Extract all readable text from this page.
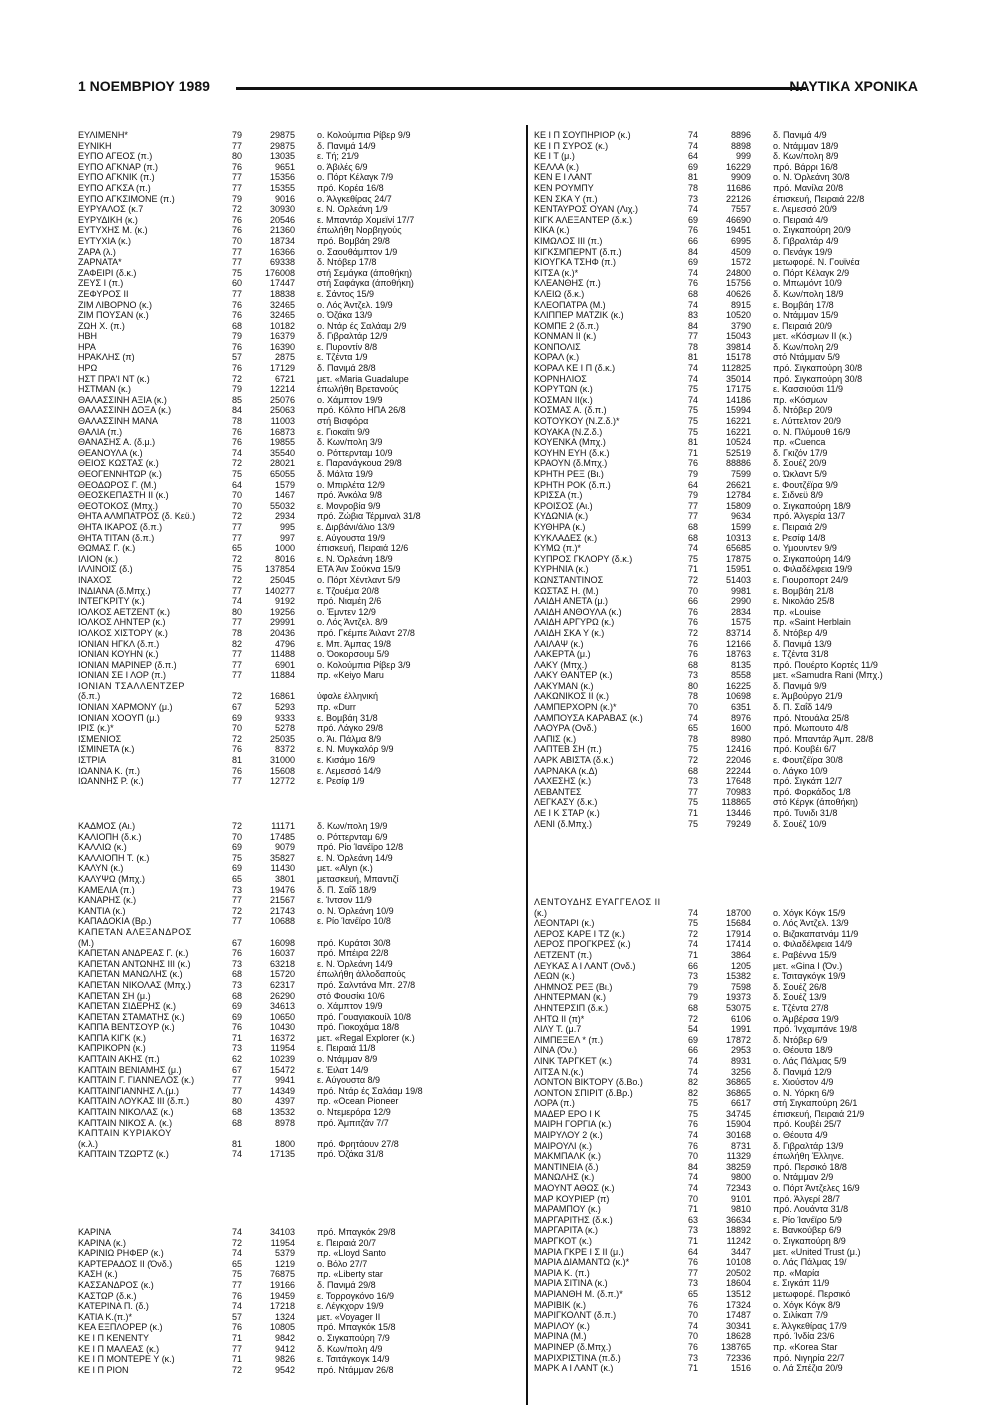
1 ΝΟΕΜΒΡΙΟΥ 1989	ΝΑΥΤΙΚΑ ΧΡΟΝΙΚΑ
ΕΥΛΙΜΕΝΗ*	79	29875	ο. Κολούμπια Ρίβερ 9/9
ΕΥΝΙΚΗ	77	29875	δ. Πανιμά 14/9
ΕΥΠΟ ΑΓΕΟΣ (π.)	80	13035	ε. Τή; 21/9
ΕΥΠΟ ΑΓΚΝΑΡ (π.)	76	9651	ο. Άβιλές 6/9
ΕΥΠΟ ΑΓΚΝΙΚ (π.)	77	15356	ο. Πόρτ Κέλαγκ 7/9
ΕΥΠΟ ΑΓΚΣΑ (π.)	77	15355	πρό. Κορέα 16/8
ΕΥΠΟ ΑΓΚΣΙΜΟΝΕ (π.)	79	9016	ο. Άλγκεθίρας 24/7
ΕΥΡΥΑΛΟΣ (κ.7	72	30930	ε. Ν. Ορλεάνη 1/9
ΕΥΡΥΔΙΚΗ (κ.)	76	20546	ε. Μπαντάρ Χομεϊνί 17/7
ΕΥΤΥΧΗΣ Μ. (κ.)	76	21360	έπωλήθη Νορβηγούς
ΕΥΤΥΧΙΑ (κ.)	70	18734	πρό. Βομβάη 29/8
ΖΑΡΑ (λ.)	77	16366	ο. Σαουθάμπτον 1/9
ΖΑΡΝΑΤΑ*	77	69338	δ. Ντόβερ 17/8
ΖΑΦΕΙΡΙ (δ.κ.)	75	176008	στή Σεμάγκα (άποθήκη)
ΖΕΥΣ Ι (π.)	60	17447	στή Σαφάγκα (άποθήκη)
ΖΕΦΥΡΟΣ ΙΙ	77	18838	ε. Σάντος 15/9
ΖΙΜ ΛΙΒΟΡΝΟ (κ.)	76	32465	ο. Λός Άντζελ. 19/9
ΖΙΜ ΠΟΥΣΑΝ (κ.)	76	32465	ο. Όζάκα 13/9
ΖΩΗ Χ. (π.)	68	10182	ο. Ντάρ ές Σαλάαμ 2/9
ΗΒΗ	79	16379	δ. Γιβραλτάρ 12/9
ΗΡΑ	76	16390	ε. Πυροντίν 8/8
ΗΡΑΚΛΗΣ (π)	57	2875	ε. Τζέντα 1/9
ΗΡΩ	76	17129	δ. Πανιμά 28/8
ΗΣΤ ΠΡΑ'Ι ΝΤ (κ.)	72	6721	μετ. «Maria Guadalupe
ΗΣΤΜΑΝ (κ.)	79	12214	έπωλήθη Βρετανούς
ΘΑΛΑΣΣΙΝΗ ΑΞΙΑ (κ.)	85	25076	ο. Χάμπτον 19/9
ΘΑΛΑΣΣΙΝΗ ΔΟΞΑ (κ.)	84	25063	πρό. Κόλπο ΗΠΑ 26/8
ΘΑΛΑΣΣΙΝΗ ΜΑΝΑ	78	11003	στή Βισφόρα
ΘΑΛΙΑ (π.)	76	16873	ε. Γιοκαϊτι 9/9
ΘΑΝΑΣΗΣ Α. (δ.μ.)	76	19855	δ. Κων/πολη 3/9
ΘΕΑΝΟΥΛΑ (κ.)	74	35540	ο. Ρόττερνταμ 10/9
ΘΕΙΟΣ ΚΩΣΤΑΣ (κ.)	72	28021	ε. Παρανάγκουα 29/8
ΘΕΟΓΕΝΝΗΤΩΡ (κ.)	75	65055	δ. Μάλτα 19/9
ΘΕΟΔΩΡΟΣ Γ. (Μ.)	64	1579	ο. Μπιρλέτα 12/9
ΘΕΟΣΚΕΠΑΣΤΗ ΙΙ (κ.)	70	1467	πρό. Άνκόλα 9/8
ΘΕΟΤΟΚΟΣ (Μπχ.)	70	55032	ε. Μονροβία 9/9
ΘΗΤΑ ΑΛΜΠΑΤΡΟΣ (δ. Κεϋ.)	72	2934	πρό. Ζώβια Τέρμιναλ 31/8
ΘΗΤΑ ΙΚΑΡΟΣ (δ.π.)	77	995	ε. Διρβάνι/άλιο 13/9
ΘΗΤΑ ΤΙΤΑΝ (δ.π.)	77	997	ε. Αύγουστα 19/9
ΘΩΜΑΣ Γ. (κ.)	65	1000	έπισκευή, Πειραιά 12/6
ΙΛΙΟΝ (κ.)	72	8016	ε. Ν. Όρλεάνη 18/9
ΙΛΛΙΝΟΙΣ (δ.)	75	137854	ETA Άιν Σούκνα 15/9
ΙΝΑΧΟΣ	72	25045	ο. Πόρτ Χέντλαντ 5/9
ΙΝΔΙΑΝΑ (δ.Μπχ.)	77	140277	ε. Τζουέμα 20/8
ΙΝΤΕΓΚΡΙΤΥ (κ.)	74	9192	πρό. Νιαμέη 2/6
ΙΟΛΚΟΣ ΑΕΤΖΕΝΤ (κ.)	80	19256	ο. Έμντεν 12/9
ΙΟΛΚΟΣ ΛΗΝΤΕΡ (κ.)	77	29991	ο. Λός Άντζελ. 8/9
ΙΟΛΚΟΣ ΧΙΣΤΟΡΥ (κ.)	78	20436	πρό. Γκέμπε Άιλαντ 27/8
ΙΟΝΙΑΝ ΗΓΚΛ (δ.π.)	82	4796	ε. Μπ. Άμπας 19/8
ΙΟΝΙΑΝ ΚΟΥΗΝ (κ.)	77	11488	ο. Όοκορσουμ 5/9
ΙΟΝΙΑΝ ΜΑΡΙΝΕΡ (δ.π.)	77	6901	ο. Κολούμπια Ρίβερ 3/9
ΙΟΝΙΑΝ ΣΕ Ι ΛΟΡ (π.)	77	11884	πρ. «Keiyo Maru
ΙΟΝΙΑΝ ΤΣΑΛΛΕΝΤΖΕΡ
(δ.π.)	72	16861	ύφαλε έλληνική
ΙΟΝΙΑΝ ΧΑΡΜΟΝΥ (μ.)	67	5293	πρ. «Durr
ΙΟΝΙΑΝ ΧΟΟΥΠ (μ.)	69	9333	ε. Βομβάη 31/8
ΙΡΙΣ (κ.)*	70	5278	πρό. Λάγκο 29/8
ΙΣΜΕΝΙΟΣ	72	25035	ο. Άι. Πάλμα 8/9
ΙΣΜΙΝΕΤΑ (κ.)	76	8372	ε. Ν. Μυγκαλόρ 9/9
ΙΣΤΡΙΑ	81	31000	ε. Κισάμο 16/9
ΙΩΑΝΝΑ Κ. (π.)	76	15608	ε. Λεμεσσό 14/9
ΙΩΑΝΝΗΣ Ρ. (κ.)	77	12772	ε. Ρεσίφ 1/9
ΚΑΔΜΟΣ (Αι.)	72	11171	δ. Κων/πολη 19/9
ΚΑΛΙΟΠΗ (δ.κ.)	70	17485	ο. Ρόττερνταμ 6/9
ΚΑΛΛΙΩ (κ.)	69	9079	πρό. Ρίο Ίανέϊρο 12/8
ΚΑΛΛΙΟΠΗ Τ. (κ.)	75	35827	ε. Ν. Όρλεάνη 14/9
ΚΑΛΥΝ (κ.)	69	11430	μετ. «Alyn (κ.)
ΚΑΛΥΨΩ (Μπχ.)	65	3801	μετασκευή, Μπαντιζί
ΚΑΜΕΛΙΑ (π.)	73	19476	δ. Π. Σαΐδ 18/9
ΚΑΝΑΡΗΣ (κ.)	77	21567	ε. Ίντσον 11/9
ΚΑΝΤΙΑ (κ.)	72	21743	ο. Ν. Όρλεάνη 10/9
ΚΑΠΑΔΟΚΙΑ (Βρ.)	77	10688	ε. Ρίο Ίανέϊρο 10/8
ΚΑΠΕΤΑΝ ΑΛΕΞΑΝΔΡΟΣ
(Μ.)	67	16098	πρό. Κυράτσι 30/8
ΚΑΠΕΤΑΝ ΑΝΔΡΕΑΣ Γ. (κ.)	76	16037	πρό. Μπέιρα 22/8
ΚΑΠΕΤΑΝ ΑΝΤΩΝΗΣ ΙΙΙ (κ.)	73	63218	ε. Ν. Όρλεάνη 14/9
ΚΑΠΕΤΑΝ ΜΑΝΩΛΗΣ (κ.)	68	15720	έπωλήθη άλλοδαπούς
ΚΑΠΕΤΑΝ ΝΙΚΟΛΑΣ (Μπχ.)	73	62317	πρό. Σαλντάνα Μπ. 27/8
ΚΑΠΕΤΑΝ ΣΗ (μ.)	68	26290	στό Φουσίκι 10/6
ΚΑΠΕΤΑΝ ΣΙΔΕΡΗΣ (κ.)	69	34613	ο. Χάμπτον 19/9
ΚΑΠΕΤΑΝ ΣΤΑΜΑΤΗΣ (κ.)	69	10650	πρό. Γουαγιακουίλ 10/8
ΚΑΠΠΑ ΒΕΝΤΣΟΥΡ (κ.)	76	10430	πρό. Γιοκοχάμα 18/8
ΚΑΠΠΑ ΚΙΓΚ (κ.)	71	16372	μετ. «Regal Explorer (κ.)
ΚΑΠΡΙΚΟΡΝ (κ.)	73	11954	ε. Πειραιά 11/8
ΚΑΠΤΑΙΝ ΑΚΗΣ (π.)	62	10239	ο. Ντάμμαν 8/9
ΚΑΠΤΑΙΝ ΒΕΝΙΑΜΗΣ (μ.)	67	15472	ε. Έιλατ 14/9
ΚΑΠΤΑΙΝ Γ. ΓΙΑΝΝΕΛΟΣ (κ.)	77	9941	ε. Αύγουστα 8/9
ΚΑΠΤΑΙΝΓΙΑΝΝΗΣ Λ.(μ.)	77	14349	πρό. Ντάρ ές Σαλάαμ 19/8
ΚΑΠΤΑΙΝ ΛΟΥΚΑΣ ΙΙΙ (δ.π.)	80	4397	πρ. «Ocean Pioneer
ΚΑΠΤΑΙΝ ΝΙΚΟΛΑΣ (κ.)	68	13532	ο. Ντεμερόρα 12/9
ΚΑΠΤΑΙΝ ΝΙΚΟΣ Α. (κ.)	68	8978	πρό. Άμπιτζάν 7/7
ΚΑΠΤΑΙΝ ΚΥΡΙΑΚΟΥ
(κ.λ.)	81	1800	πρό. Φρητάουν 27/8
ΚΑΠΤΑΙΝ ΤΖΩΡΤΖ (κ.)	74	17135	πρό. Όζάκα 31/8
ΚΑΡΙΝΑ	74	34103	πρό. Μπαγκόκ 29/8
ΚΑΡΙΝΑ (κ.)	72	11954	ε. Πειραιά 20/7
ΚΑΡΙΝΙΩ ΡΗΦΕΡ (κ.)	74	5379	πρ. «Lloyd Santo
ΚΑΡΤΕΡΑΔΟΣ ΙΙ (Όνδ.)	65	1219	ο. Βόλο 27/7
ΚΑΣΗ (κ.)	75	76875	πρ. «Liberty star
ΚΑΣΣΑΝΔΡΟΣ (κ.)	77	19166	δ. Πανιμά 29/8
ΚΑΣΤΩΡ (δ.κ.)	76	19459	ε. Τορρογκόνο 16/9
ΚΑΤΕΡΙΝΑ Π. (δ.)	74	17218	ε. Λέγκχορν 19/9
ΚΑΤΙΑ Κ.(π.)*	57	1324	μετ. «Voyager II
ΚΕΑ ΕΞΠΛΟΡΕΡ (κ.)	76	10805	πρό. Μπαγκόκ 15/8
ΚΕ Ι Π ΚΕΝΕΝΤΥ	71	9842	ο. Σιγκαπούρη 7/9
ΚΕ Ι Π ΜΑΛΕΑΣ (κ.)	77	9412	δ. Κων/πολη 4/9
ΚΕ Ι Π ΜΟΝΤΕΡΕ Υ (κ.)	71	9826	ε. Τσιτάγκογκ 14/9
ΚΕ Ι Π ΡΙΟΝ	72	9542	πρό. Ντάμμαν 26/8
ΚΕ Ι Π ΣΟΥΠΗΡΙΟΡ (κ.)	74	8896	δ. Πανιμά 4/9
ΚΕ Ι Π ΣΥΡΟΣ (κ.)	74	8898	ο. Ντάμμαν 18/9
ΚΕ Ι Τ (μ.)	64	999	δ. Κων/πολη 8/9
ΚΕΛΛΑ (κ.)	69	16229	πρό. Βάρρι 16/8
ΚΕΝ Ε Ι ΛΑΝΤ	81	9909	ο. Ν. Όρλεάνη 30/8
ΚΕΝ ΡΟΥΜΠΥ	78	11686	πρό. Μανίλα 20/8
ΚΕΝ ΣΚΑ Υ (π.)	73	22126	έπισκευή, Πειραιά 22/8
ΚΕΝΤΑΥΡΟΣ ΟΥΑΝ (Λιχ.)	74	7557	ε. Λεμεσσό 20/9
ΚΙΓΚ ΑΛΕΞΑΝΤΕΡ (δ.κ.)	69	46690	ο. Πειραιά 4/9
ΚΙΚΑ (κ.)	76	19451	ο. Σιγκαπούρη 20/9
ΚΙΜΩΛΟΣ ΙΙΙ (π.)	66	6995	δ. Γιβραλτάρ 4/9
ΚΙΓΚΣΜΠΕΡΝΤ (δ.π.)	84	4509	ο. Πενάγκ 19/9
ΚΙΟΥΓΚΑ ΤΣΗΦ (π.)	69	1572	μετωφορέ. Ν. Γουϊνέα
ΚΙΤΣΑ (κ.)*	74	24800	ο. Πόρτ Κέλαγκ 2/9
ΚΛΕΑΝΘΗΣ (π.)	76	15756	ο. Μπωμόντ 10/9
ΚΛΕΙΩ (δ.κ.)	68	40626	δ. Κων/πολη 18/9
ΚΛΕΟΠΑΤΡΑ (Μ.)	74	8915	ε. Βομβάη 17/8
ΚΛΙΠΠΕΡ ΜΑΤΖΙΚ (κ.)	83	10520	ο. Ντάμμαν 15/9
ΚΟΜΠΕ 2 (δ.π.)	84	3790	ε. Πειραιά 20/9
ΚΟΝΜΑΝ ΙΙ (κ.)	77	15043	μετ. «Κόσμων ΙΙ (κ.)
ΚΟΝΠΟΛΙΣ	78	39814	δ. Κων/πολη 2/9
ΚΟΡΑΛ (κ.)	81	15178	στό Ντάμμαν 5/9
ΚΟΡΑΛ ΚΕ Ι Π (δ.κ.)	74	112825	πρό. Σιγκαπούρη 30/8
ΚΟΡΝΗΛΙΟΣ	74	35014	πρό. Σιγκαπούρη 30/8
ΚΟΡΥΤΩΝ (κ.)	75	17175	ε. Κασσιούσι 11/9
ΚΟΣΜΑΝ ΙΙ(κ.)	74	14186	πρ. «Κόσμων
ΚΟΣΜΑΣ Α. (δ.π.)	75	15994	δ. Ντόβερ 20/9
ΚΟΤΟΥΚΟΥ (Ν.Ζ.δ.)*	75	16221	ε. Λύττελτον 20/9
ΚΟΥΑΚΑ (Ν.Ζ.δ.)	75	16221	ο. Ν. Πλύμουθ 16/9
ΚΟΥΕΝΚΑ (Μπχ.)	81	10524	πρ. «Cuenca
ΚΟΥΗΝ ΕΥΗ (δ.κ.)	71	52519	δ. Γκιζόν 17/9
ΚΡΑΟΥΝ (δ.Μπχ.)	76	88886	δ. Σουέζ 20/9
ΚΡΗΤΗ ΡΕΞ (Βι.)	79	7599	ο. Ώκλαντ 5/9
ΚΡΗΤΗ ΡΟΚ (δ.π.)	64	26621	ε. Φουτζέϊρα 9/9
ΚΡΙΣΣΑ (π.)	79	12784	ε. Σιδνεϋ 8/9
ΚΡΟΙΣΟΣ (Αι.)	77	15809	ο. Σιγκαπούρη 18/9
ΚΥΔΩΝΙΑ (κ.)	77	9634	πρό. Άλγερία 13/7
ΚΥΘΗΡΑ (κ.)	68	1599	ε. Πειραιά 2/9
ΚΥΚΛΑΔΕΣ (κ.)	68	10313	ε. Ρεσίφ 14/8
ΚΥΜΩ (π.)*	74	65685	ο. Υμουιντεν 9/9
ΚΥΠΡΟΣ ΓΚΛΟΡΥ (δ.κ.)	75	17875	ο. Σιγκαπούρη 14/9
ΚΥΡΗΝΙΑ (κ.)	71	15951	ο. Φιλαδέλφεια 19/9
ΚΩΝΣΤΑΝΤΙΝΟΣ	72	51403	ε. Γιουροπορτ 24/9
ΚΩΣΤΑΣ Η. (Μ.)	70	9981	ε. Βομβάη 21/8
ΛΑΙΔΗ ΑΝΕΤΑ (μ.)	66	2990	ε. Νικολάο 25/8
ΛΑΙΔΗ ΑΝΘΟΥΛΑ (κ.)	76	2834	πρ. «Louise
ΛΑΙΔΗ ΑΡΓΥΡΩ (κ.)	76	1575	πρ. «Saint Herblain
ΛΑΙΔΗ ΣΚΑ Υ (κ.)	72	83714	δ. Ντόβερ 4/9
ΛΑΙΛΑΨ (κ.)	76	12166	δ. Πανιμά 13/9
ΛΑΚΕΡΤΑ (μ.)	76	18763	ε. Τζέντα 31/8
ΛΑΚΥ (Μπχ.)	68	8135	πρό. Πουέρτο Κορτές 11/9
ΛΑΚΥ ΘΑΝΤΕΡ (κ.)	73	8558	μετ. «Samudra Rani (Μπχ.)
ΛΑΚΥΜΑΝ (κ.)	80	16225	δ. Πανιμά 9/9
ΛΑΚΩΝΙΚΟΣ ΙΙ (κ.)	78	10698	ε. Άμβούργο 21/9
ΛΑΜΠΕΡΧΟΡΝ (κ.)*	70	6351	δ. Π. Σαΐδ 14/9
ΛΑΜΠΟΥΣΑ ΚΑΡΑΒΑΣ (κ.)	74	8976	πρό. Ντουάλα 25/8
ΛΑΟΥΡΑ (Ονδ.)	65	1600	πρό. Μωπουτο 4/8
ΛΑΠΙΣ (κ.)	78	8980	πρό. Μπαντάρ Άμπ. 28/8
ΛΑΠΤΕΒ ΣΗ (π.)	75	12416	πρό. Κουβέι 6/7
ΛΑΡΚ ΑΒΙΣΤΑ (δ.κ.)	72	22046	ε. Φουτζέϊρα 30/8
ΛΑΡΝΑΚΑ (κ.Δ)	68	22244	ο. Λάγκο 10/9
ΛΑΧΕΣΗΣ (κ.)	73	17648	πρό. Σιγκάπ 12/7
ΛΕΒΑΝΤΕΣ	77	70983	πρό. Φορκάδος 1/8
ΛΕΓΚΑΣΥ (δ.κ.)	75	118865	στό Κέργκ (άποθήκη)
ΛΕ Ι Κ ΣΤΑΡ (κ.)	71	13446	πρό. Τυνιδι 31/8
ΛΕΝΙ (δ.Μπχ.)	75	79249	δ. Σουέζ 10/9
ΛΕΝΤΟΥΔΗΣ ΕΥΑΓΓΕΛΟΣ ΙΙ
(κ.)	74	18700	ο. Χόγκ Κόγκ 15/9
ΛΕΟΝΤΑΡΙ (κ.)	75	15684	ο. Λός Άντζελ. 13/9
ΛΕΡΟΣ ΚΑΡΕ Ι ΤΖ (κ.)	72	17914	ο. Βιζακαπατνάμ 11/9
ΛΕΡΟΣ ΠΡΟΓΚΡΕΣ (κ.)	74	17414	ο. Φιλαδέλφεια 14/9
ΛΕΤΖΕΝΤ (π.)	71	3864	ε. Ραβέννα 15/9
ΛΕΥΚΑΣ Α Ι ΛΑΝΤ (Ονδ.)	66	1205	μετ. «Gina I (Όν.)
ΛΕΩΝ (κ.)	73	15382	ε. Τσιταγκόγκ 19/9
ΛΗΜΝΟΣ ΡΕΞ (Βι.)	79	7598	δ. Σουέζ 26/8
ΛΗΝΤΕΡΜΑΝ (κ.)	79	19373	δ. Σουέζ 13/9
ΛΗΝΤΕΡΣΙΠ (δ.κ.)	68	53075	ε. Τζέντα 27/8
ΛΗΤΩ ΙΙ (π)*	72	6106	ο. Άμβέρσα 19/9
ΛΙΛΥ Τ. (μ.7	54	1991	πρό. Ίνχαμπάνε 19/8
ΛΙΜΠΕΞΕΛ * (π.)	69	17872	δ. Ντόβερ 6/9
ΛΙΝΑ (Όν.)	66	2953	ο. Θέουτα 18/9
ΛΙΝΚ ΤΑΡΓΚΕΤ (κ.)	74	8931	ο. Λάς Πάλμας 5/9
ΛΙΤΣΑ Ν.(κ.)	74	3256	δ. Πανιμά 12/9
ΛΟΝΤΟΝ ΒΙΚΤΟΡΥ (δ.Βο.)	82	36865	ε. Χιούστον 4/9
ΛΟΝΤΟΝ ΣΠΙΡΙΤ (δ.Βρ.)	82	36865	ο. Ν. Υόρκη 6/9
ΛΟΡΑ (π.)	75	6617	στή Σιγκαπούρη 26/1
ΜΑΔΕΡ ΕΡΟ Ι Κ	75	34745	έπισκευή, Πειραιά 21/9
ΜΑΙΡΗ ΓΟΡΓΙΑ (κ.)	76	15904	πρό. Κουβέι 25/7
ΜΑΙΡΥΛΟΥ 2 (κ.)	74	30168	ο. Θέουτα 4/9
ΜΑΙΡΟΥΛΙ (κ.)	76	8731	δ. Γιβραλτάρ 13/9
ΜΑΚΜΠΑΛΚ (κ.)	70	11329	έπωλήθη Έλληνε.
ΜΑΝΤΙΝΕΙΑ (δ.)	84	38259	πρό. Περσικό 18/8
ΜΑΝΩΛΗΣ (κ.)	74	9800	ο. Ντάμμαν 2/9
ΜΑΟΥΝΤ ΑΘΩΣ (κ.)	74	72343	ο. Πόρτ Άντζελες 16/9
ΜΑΡ ΚΟΥΡΙΕΡ (π)	70	9101	πρό. Άλγερί 28/7
ΜΑΡΑΜΠΟΥ (κ.)	71	9810	πρό. Λουάντα 31/8
ΜΑΡΓΑΡΙΤΗΣ (δ.κ.)	63	36634	ε. Ρίο Ίανέϊρο 5/9
ΜΑΡΓΑΡΙΤΑ (κ.)	73	18892	ε. Βανκούβερ 6/9
ΜΑΡΓΚΟΤ (κ.)	71	11242	ο. Σιγκαπούρη 8/9
ΜΑΡΙΑ ΓΚΡΕ Ι Σ ΙΙ (μ.)	64	3447	μετ. «United Trust (μ.)
ΜΑΡΙΑ ΔΙΑΜΑΝΤΩ (κ.)*	76	10108	ο. Λάς Πάλμας 19/
ΜΑΡΙΑ Κ. (π.)	77	20502	πρ. «Μαρία
ΜΑΡΙΑ ΣΙΤΙΝΑ (κ.)	73	18604	ε. Σιγκάπ 11/9
ΜΑΡΙΑΝΘΗ Μ. (δ.π.)*	65	13512	μετωφορέ. Περσικό
ΜΑΡΙΒΙΚ (κ.)	76	17324	ο. Χόγκ Κόγκ 8/9
ΜΑΡΙΓΚΟΛΝΤ (δ.π.)	70	17487	ο. Σιλίκαπ 7/9
ΜΑΡΙΛΟΥ (κ.)	74	30341	ε. Άλγκεθίρας 17/9
ΜΑΡΙΝΑ (Μ.)	70	18628	πρό. Ίνδία 23/6
ΜΑΡΙΝΕΡ (δ.Μπχ.)	76	138765	πρ. «Korea Star
ΜΑΡΙΧΡΙΣΤΙΝΑ (π.δ.)	73	72336	πρό. Νιγηρία 22/7
ΜΑΡΚ Α Ι ΛΑΝΤ (κ.)	71	1516	ο. Λά Σπέζια 20/9
